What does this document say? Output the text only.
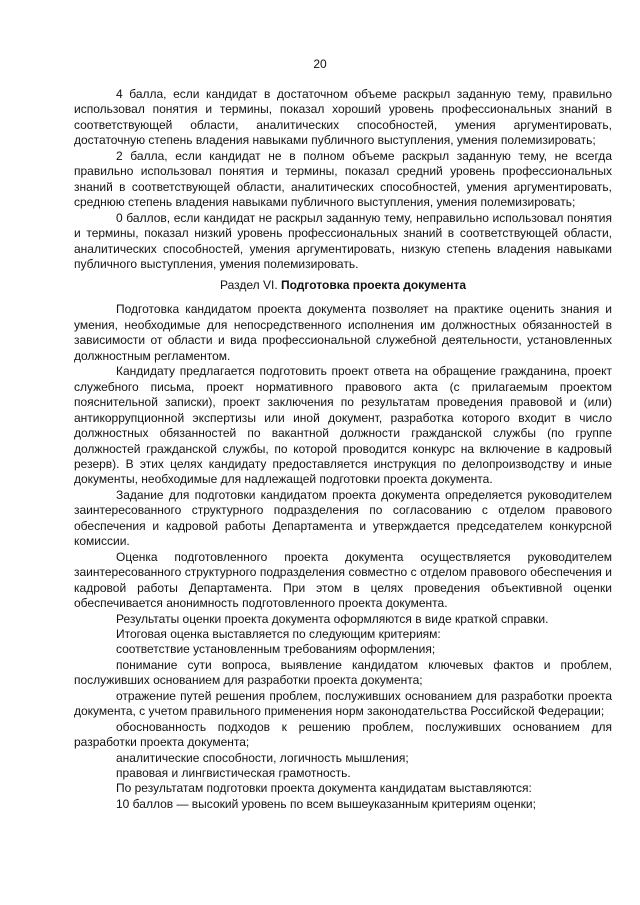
20

4 балла, если кандидат в достаточном объеме раскрыл заданную тему, правильно использовал понятия и термины, показал хороший уровень профессиональных знаний в соответствующей области, аналитических способностей, умения аргументировать, достаточную степень владения навыками публичного выступления, умения полемизировать;

2 балла, если кандидат не в полном объеме раскрыл заданную тему, не всегда правильно использовал понятия и термины, показал средний уровень профессиональных знаний в соответствующей области, аналитических способностей, умения аргументировать, среднюю степень владения навыками публичного выступления, умения полемизировать;

0 баллов, если кандидат не раскрыл заданную тему, неправильно использовал понятия и термины, показал низкий уровень профессиональных знаний в соответствующей области, аналитических способностей, умения аргументировать, низкую степень владения навыками публичного выступления, умения полемизировать.

Раздел VI. Подготовка проекта документа

Подготовка кандидатом проекта документа позволяет на практике оценить знания и умения, необходимые для непосредственного исполнения им должностных обязанностей в зависимости от области и вида профессиональной служебной деятельности, установленных должностным регламентом.

Кандидату предлагается подготовить проект ответа на обращение гражданина, проект служебного письма, проект нормативного правового акта (с прилагаемым проектом пояснительной записки), проект заключения по результатам проведения правовой и (или) антикоррупционной экспертизы или иной документ, разработка которого входит в число должностных обязанностей по вакантной должности гражданской службы (по группе должностей гражданской службы, по которой проводится конкурс на включение в кадровый резерв). В этих целях кандидату предоставляется инструкция по делопроизводству и иные документы, необходимые для надлежащей подготовки проекта документа.

Задание для подготовки кандидатом проекта документа определяется руководителем заинтересованного структурного подразделения по согласованию с отделом правового обеспечения и кадровой работы Департамента и утверждается председателем конкурсной комиссии.

Оценка подготовленного проекта документа осуществляется руководителем заинтересованного структурного подразделения совместно с отделом правового обеспечения и кадровой работы Департамента. При этом в целях проведения объективной оценки обеспечивается анонимность подготовленного проекта документа.

Результаты оценки проекта документа оформляются в виде краткой справки.

Итоговая оценка выставляется по следующим критериям:

соответствие установленным требованиям оформления;

понимание сути вопроса, выявление кандидатом ключевых фактов и проблем, послуживших основанием для разработки проекта документа;

отражение путей решения проблем, послуживших основанием для разработки проекта документа, с учетом правильного применения норм законодательства Российской Федерации;

обоснованность подходов к решению проблем, послуживших основанием для разработки проекта документа;

аналитические способности, логичность мышления;

правовая и лингвистическая грамотность.

По результатам подготовки проекта документа кандидатам выставляются:

10 баллов — высокий уровень по всем вышеуказанным критериям оценки;
